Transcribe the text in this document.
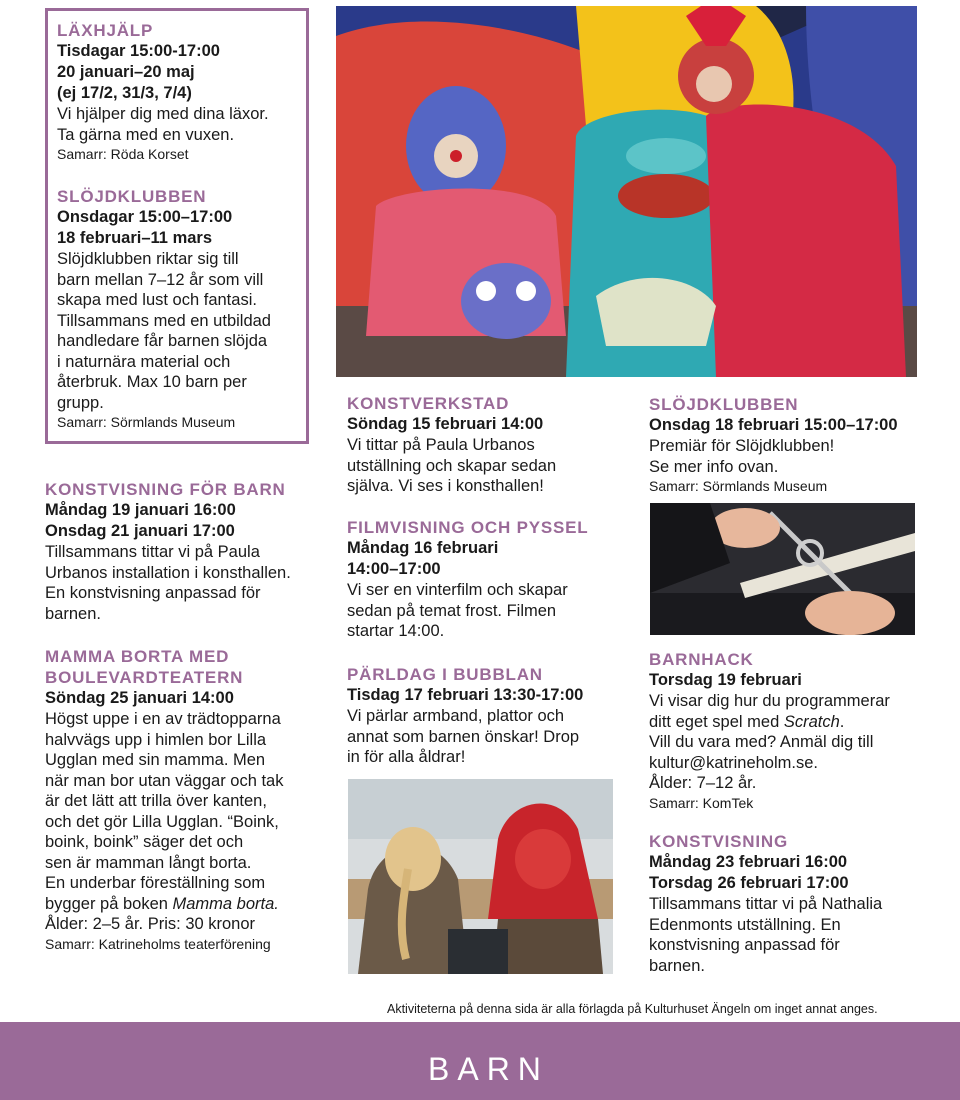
LÄXHJÄLP
Tisdagar 15:00-17:00
20 januari–20 maj
(ej 17/2, 31/3, 7/4)
Vi hjälper dig med dina läxor.
Ta gärna med en vuxen.
Samarr: Röda Korset
SLÖJDKLUBBEN
Onsdagar 15:00–17:00
18 februari–11 mars
Slöjdklubben riktar sig till
barn mellan 7–12 år som vill
skapa med lust och fantasi.
Tillsammans med en utbildad
handledare får barnen slöjda
i naturnära material och
återbruk. Max 10 barn per
grupp.
Samarr: Sörmlands Museum
KONSTVISNING FÖR BARN
Måndag 19 januari 16:00
Onsdag 21 januari 17:00
Tillsammans tittar vi på Paula
Urbanos installation i konsthallen.
En konstvisning anpassad för
barnen.
MAMMA BORTA MED
BOULEVARDTEATERN
Söndag 25 januari 14:00
Högst uppe i en av trädtopparna
halvvägs upp i himlen bor Lilla
Ugglan med sin mamma. Men
när man bor utan väggar och tak
är det lätt att trilla över kanten,
och det gör Lilla Ugglan. “Boink,
boink, boink” säger det och
sen är mamman långt borta.
En underbar föreställning som
bygger på boken Mamma borta.
Ålder: 2–5 år. Pris: 30 kronor
Samarr: Katrineholms teaterförening
KONSTVERKSTAD
Söndag 15 februari 14:00
Vi tittar på Paula Urbanos
utställning och skapar sedan
själva. Vi ses i konsthallen!
FILMVISNING OCH PYSSEL
Måndag 16 februari
14:00–17:00
Vi ser en vinterfilm och skapar
sedan på temat frost. Filmen
startar 14:00.
PÄRLDAG I BUBBLAN
Tisdag 17 februari 13:30-17:00
Vi pärlar armband, plattor och
annat som barnen önskar! Drop
in för alla åldrar!
SLÖJDKLUBBEN
Onsdag 18 februari 15:00–17:00
Premiär för Slöjdklubben!
Se mer info ovan.
Samarr: Sörmlands Museum
BARNHACK
Torsdag 19 februari
Vi visar dig hur du programmerar
ditt eget spel med Scratch.
Vill du vara med? Anmäl dig till
kultur@katrineholm.se.
Ålder: 7–12 år.
Samarr: KomTek
KONSTVISNING
Måndag 23 februari 16:00
Torsdag 26 februari 17:00
Tillsammans tittar vi på Nathalia
Edenmonts utställning. En
konstvisning anpassad för
barnen.
Aktiviteterna på denna sida är alla förlagda på Kulturhuset Ängeln om inget annat anges.
BARN
